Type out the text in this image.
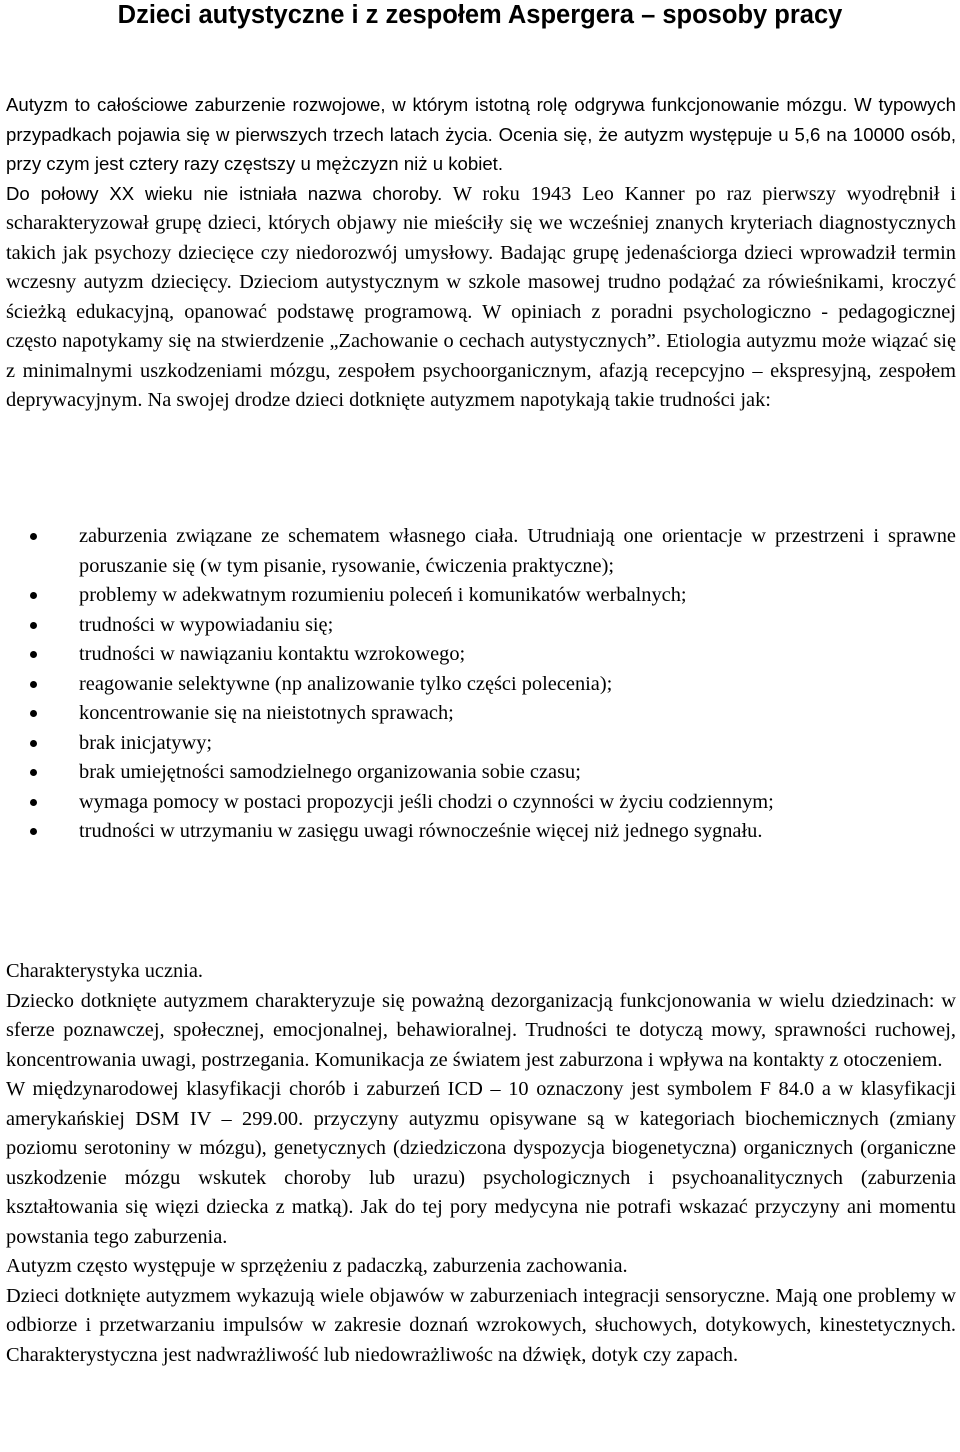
Dzieci autystyczne i z zespołem Aspergera – sposoby pracy

Autyzm to całościowe zaburzenie rozwojowe, w którym istotną rolę odgrywa funkcjonowanie mózgu. W typowych przypadkach pojawia się w pierwszych trzech latach życia. Ocenia się, że autyzm występuje u 5,6 na 10000 osób, przy czym jest cztery razy częstszy u mężczyzn niż u kobiet.

Do połowy XX wieku nie istniała nazwa choroby. W roku 1943 Leo Kanner po raz pierwszy wyodrębnił i scharakteryzował grupę dzieci, których objawy nie mieściły się we wcześniej znanych kryteriach diagnostycznych takich jak psychozy dziecięce czy niedorozwój umysłowy. Badając grupę jedenaściorga dzieci wprowadził termin wczesny autyzm dziecięcy. Dzieciom autystycznym w szkole masowej trudno podążać za rówieśnikami, kroczyć ścieżką edukacyjną, opanować podstawę programową. W opiniach z poradni psychologiczno - pedagogicznej często napotykamy się na stwierdzenie „Zachowanie o cechach autystycznych”. Etiologia autyzmu może wiązać się z minimalnymi uszkodzeniami mózgu, zespołem psychoorganicznym, afazją recepcyjno – ekspresyjną, zespołem deprywacyjnym. Na swojej drodze dzieci dotknięte autyzmem napotykają takie trudności jak:

zaburzenia związane ze schematem własnego ciała. Utrudniają one orientacje w przestrzeni i sprawne poruszanie się (w tym pisanie, rysowanie, ćwiczenia praktyczne);
problemy w adekwatnym rozumieniu poleceń i komunikatów werbalnych;
trudności w wypowiadaniu się;
trudności w nawiązaniu kontaktu wzrokowego;
reagowanie selektywne (np analizowanie tylko części polecenia);
koncentrowanie się na nieistotnych sprawach;
brak inicjatywy;
brak umiejętności samodzielnego organizowania sobie czasu;
wymaga pomocy w postaci propozycji jeśli chodzi o czynności w życiu codziennym;
trudności w utrzymaniu w zasięgu uwagi równocześnie więcej niż jednego sygnału.

Charakterystyka ucznia.

Dziecko dotknięte autyzmem charakteryzuje się poważną dezorganizacją funkcjonowania w wielu dziedzinach: w sferze poznawczej, społecznej, emocjonalnej, behawioralnej. Trudności te dotyczą mowy, sprawności ruchowej, koncentrowania uwagi, postrzegania. Komunikacja ze światem jest zaburzona i wpływa na kontakty z otoczeniem.

W międzynarodowej klasyfikacji chorób i zaburzeń ICD – 10 oznaczony jest symbolem F 84.0 a w klasyfikacji amerykańskiej DSM IV – 299.00. przyczyny autyzmu opisywane są w kategoriach biochemicznych (zmiany poziomu serotoniny w mózgu), genetycznych (dziedziczona dyspozycja biogenetyczna) organicznych (organiczne uszkodzenie mózgu wskutek choroby lub urazu) psychologicznych i psychoanalitycznych (zaburzenia kształtowania się więzi dziecka z matką). Jak do tej pory medycyna nie potrafi wskazać przyczyny ani momentu powstania tego zaburzenia.

Autyzm często występuje w sprzężeniu z padaczką, zaburzenia zachowania.

Dzieci dotknięte autyzmem wykazują wiele objawów w zaburzeniach integracji sensoryczne. Mają one problemy w odbiorze i przetwarzaniu impulsów w zakresie doznań wzrokowych, słuchowych, dotykowych, kinestetycznych. Charakterystyczna jest nadwrażliwość lub niedowrażliwośc na dźwięk, dotyk czy zapach.
